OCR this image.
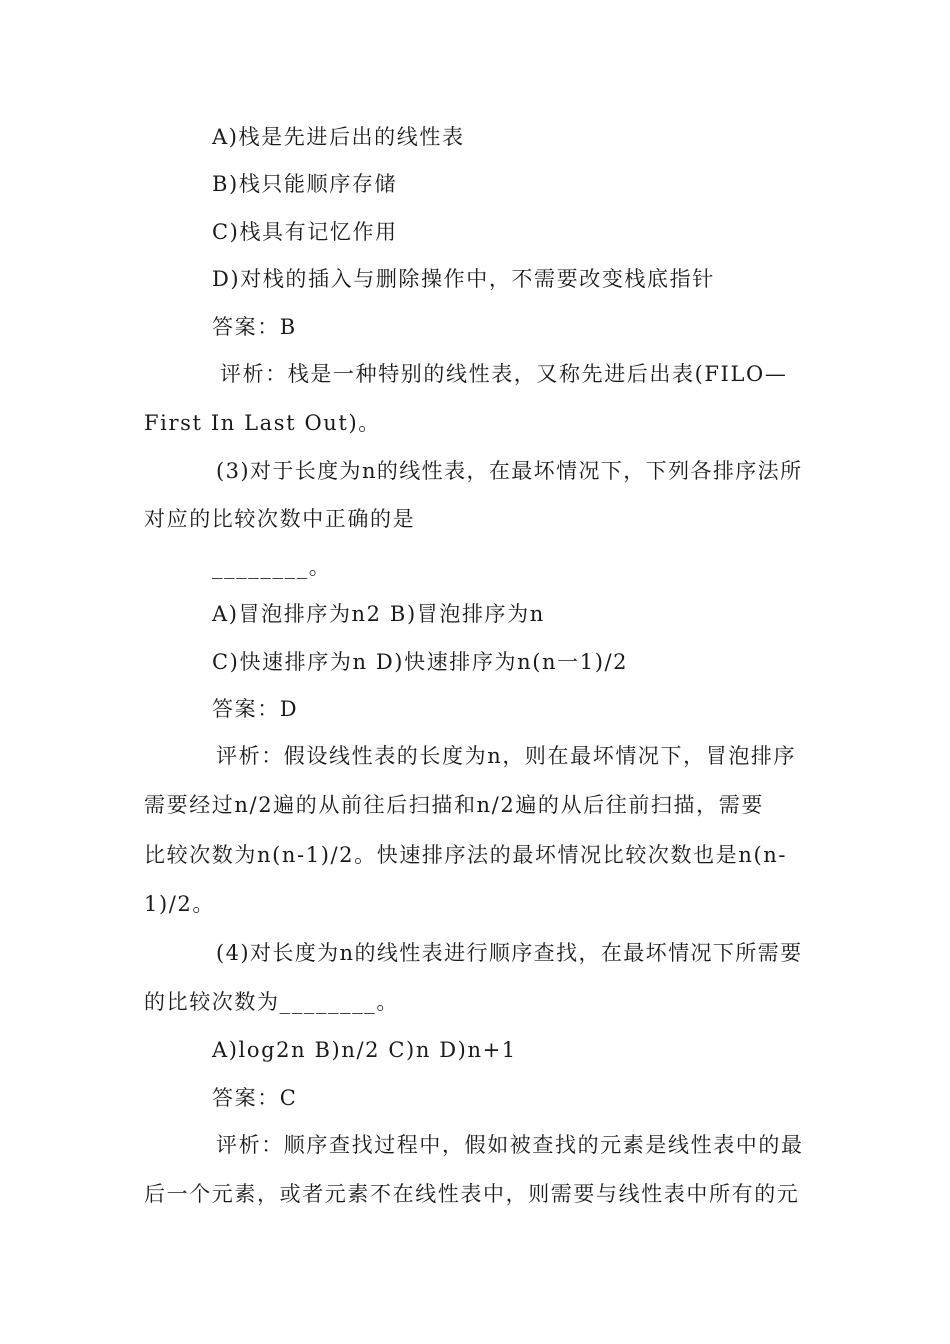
A)栈是先进后出的线性表
B)栈只能顺序存储
C)栈具有记忆作用
D)对栈的插入与删除操作中，不需要改变栈底指针
答案：B
评析：栈是一种特别的线性表，又称先进后出表(FILO—
First In Last Out)。
(3)对于长度为n的线性表，在最坏情况下，下列各排序法所
对应的比较次数中正确的是
________。
A)冒泡排序为n2 B)冒泡排序为n
C)快速排序为n D)快速排序为n(n一1)/2
答案：D
评析：假设线性表的长度为n，则在最坏情况下，冒泡排序
需要经过n/2遍的从前往后扫描和n/2遍的从后往前扫描，需要
比较次数为n(n-1)/2。快速排序法的最坏情况比较次数也是n(n-
1)/2。
(4)对长度为n的线性表进行顺序查找，在最坏情况下所需要
的比较次数为________。
A)log2n B)n/2 C)n D)n+1
答案：C
评析：顺序查找过程中，假如被查找的元素是线性表中的最
后一个元素，或者元素不在线性表中，则需要与线性表中所有的元
